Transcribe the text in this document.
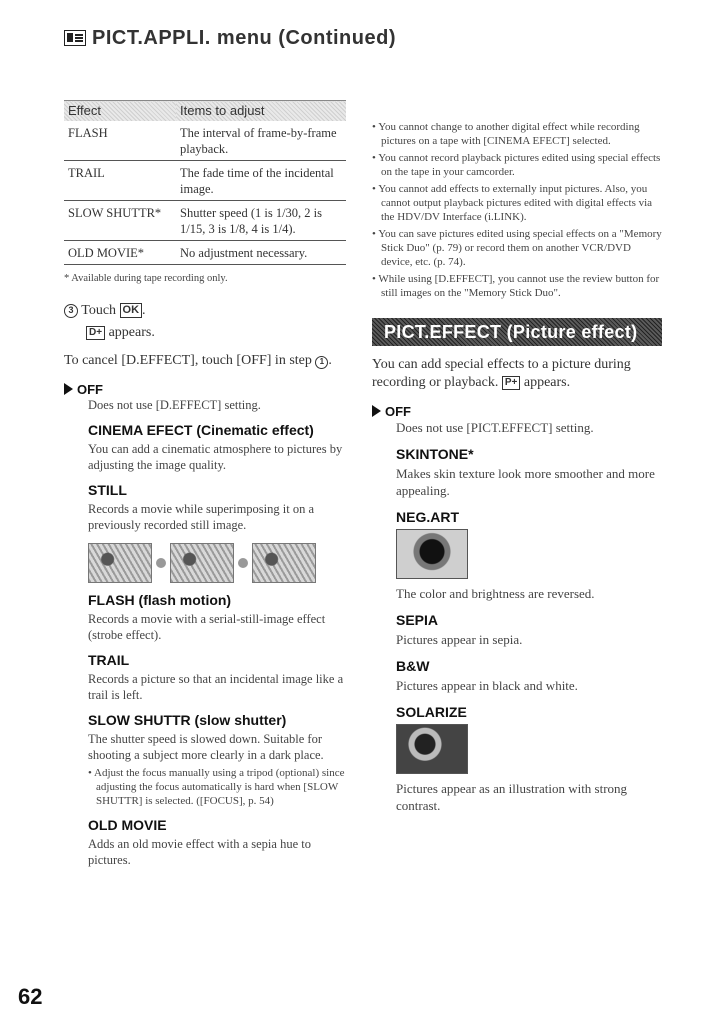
PICT.APPLI. menu (Continued)
Effect	Items to adjust
FLASH	The interval of frame-by-frame playback.
TRAIL	The fade time of the incidental image.
SLOW SHUTTR*	Shutter speed (1 is 1/30, 2 is 1/15, 3 is 1/8, 4 is 1/4).
OLD MOVIE*	No adjustment necessary.
* Available during tape recording only.
3 Touch OK .
D+ appears.
To cancel [D.EFFECT], touch [OFF] in step 1 .
OFF

Does not use [D.EFFECT] setting.

CINEMA EFECT (Cinematic effect)

You can add a cinematic atmosphere to pictures by adjusting the image quality.

STILL

Records a movie while superimposing it on a previously recorded still image.

FLASH (flash motion)

Records a movie with a serial-still-image effect (strobe effect).

TRAIL

Records a picture so that an incidental image like a trail is left.

SLOW SHUTTR (slow shutter)

The shutter speed is slowed down. Suitable for shooting a subject more clearly in a dark place.

• Adjust the focus manually using a tripod (optional) since adjusting the focus automatically is hard when [SLOW SHUTTR] is selected. ([FOCUS], p. 54)

OLD MOVIE

Adds an old movie effect with a sepia hue to pictures.

• You cannot change to another digital effect while recording pictures on a tape with [CINEMA EFECT] selected.
• You cannot record playback pictures edited using special effects on the tape in your camcorder.
• You cannot add effects to externally input pictures. Also, you cannot output playback pictures edited with digital effects via the HDV/DV Interface (i.LINK).
• You can save pictures edited using special effects on a "Memory Stick Duo" (p. 79) or record them on another VCR/DVD device, etc. (p. 74).
• While using [D.EFFECT], you cannot use the review button for still images on the "Memory Stick Duo".
PICT.EFFECT (Picture effect)
You can add special effects to a picture during recording or playback. P+ appears.
OFF

Does not use [PICT.EFFECT] setting.

SKINTONE*

Makes skin texture look more smoother and more appealing.

NEG.ART

The color and brightness are reversed.

SEPIA

Pictures appear in sepia.

B&W

Pictures appear in black and white.

SOLARIZE

Pictures appear as an illustration with strong contrast.

62
